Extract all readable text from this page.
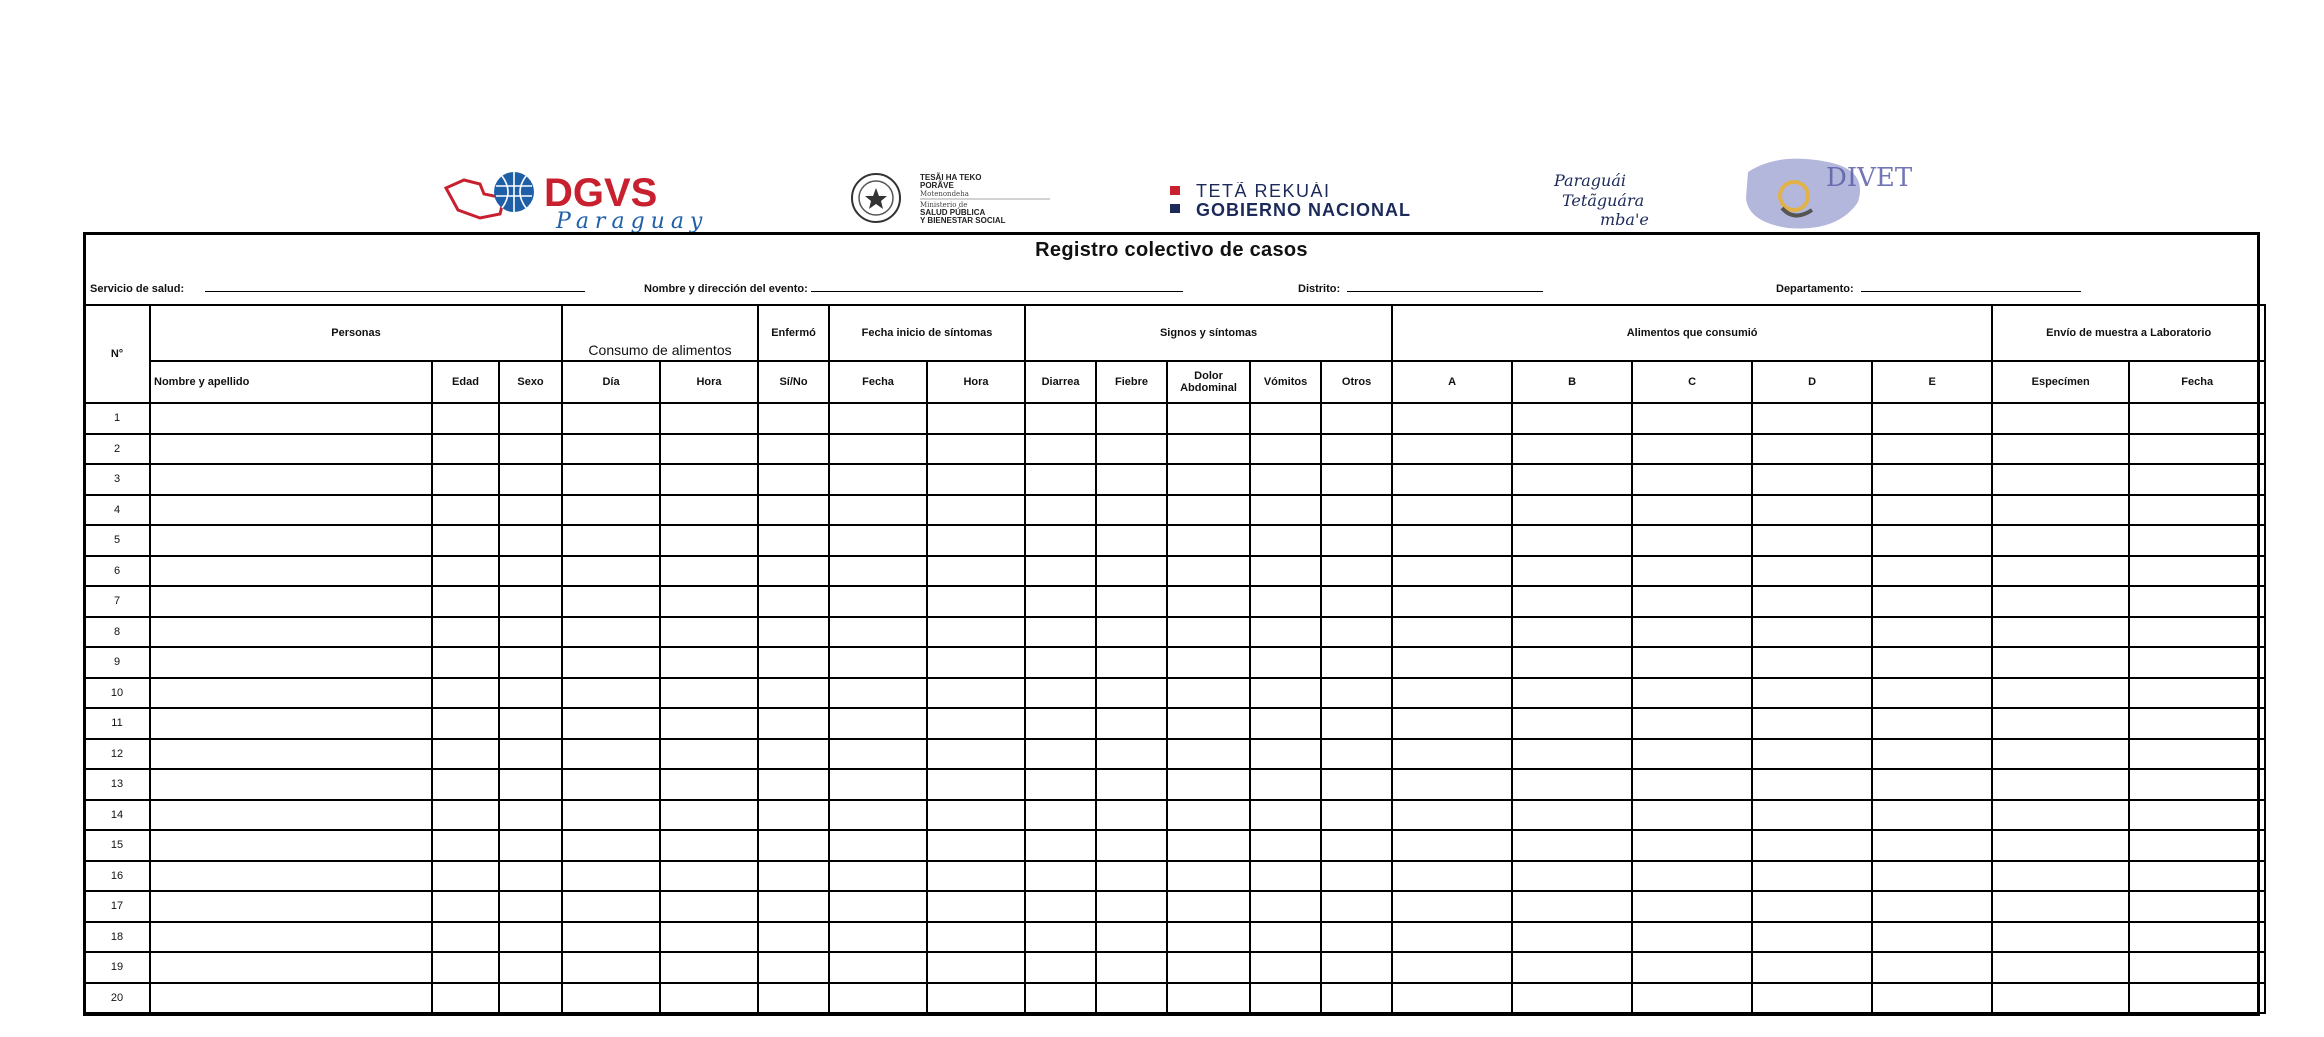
DGVS
Paraguay
TESÃI HA TEKO
PORÃVE
Motenondeha
Ministerio de
SALUD PÚBLICA
Y BIENESTAR SOCIAL
TETÃ REKUÁI
GOBIERNO NACIONAL
Paraguái
Tetãguára
mba'e
DIVET
Registro colectivo de casos
Servicio de salud:	Nombre y dirección del evento:	Distrito:	Departamento:
N°	Personas			Consumo de alimentos		Enfermó	Fecha inicio de síntomas		Signos y síntomas					Alimentos que consumió					Envío de muestra a Laboratorio	
	Nombre y apellido	Edad	Sexo	Día	Hora	Sí/No	Fecha	Hora	Diarrea	Fiebre	Dolor Abdominal	Vómitos	Otros	A	B	C	D	E	Especímen	Fecha
1																				
2																				
3																				
4																				
5																				
6																				
7																				
8																				
9																				
10																				
11																				
12																				
13																				
14																				
15																				
16																				
17																				
18																				
19																				
20																				
